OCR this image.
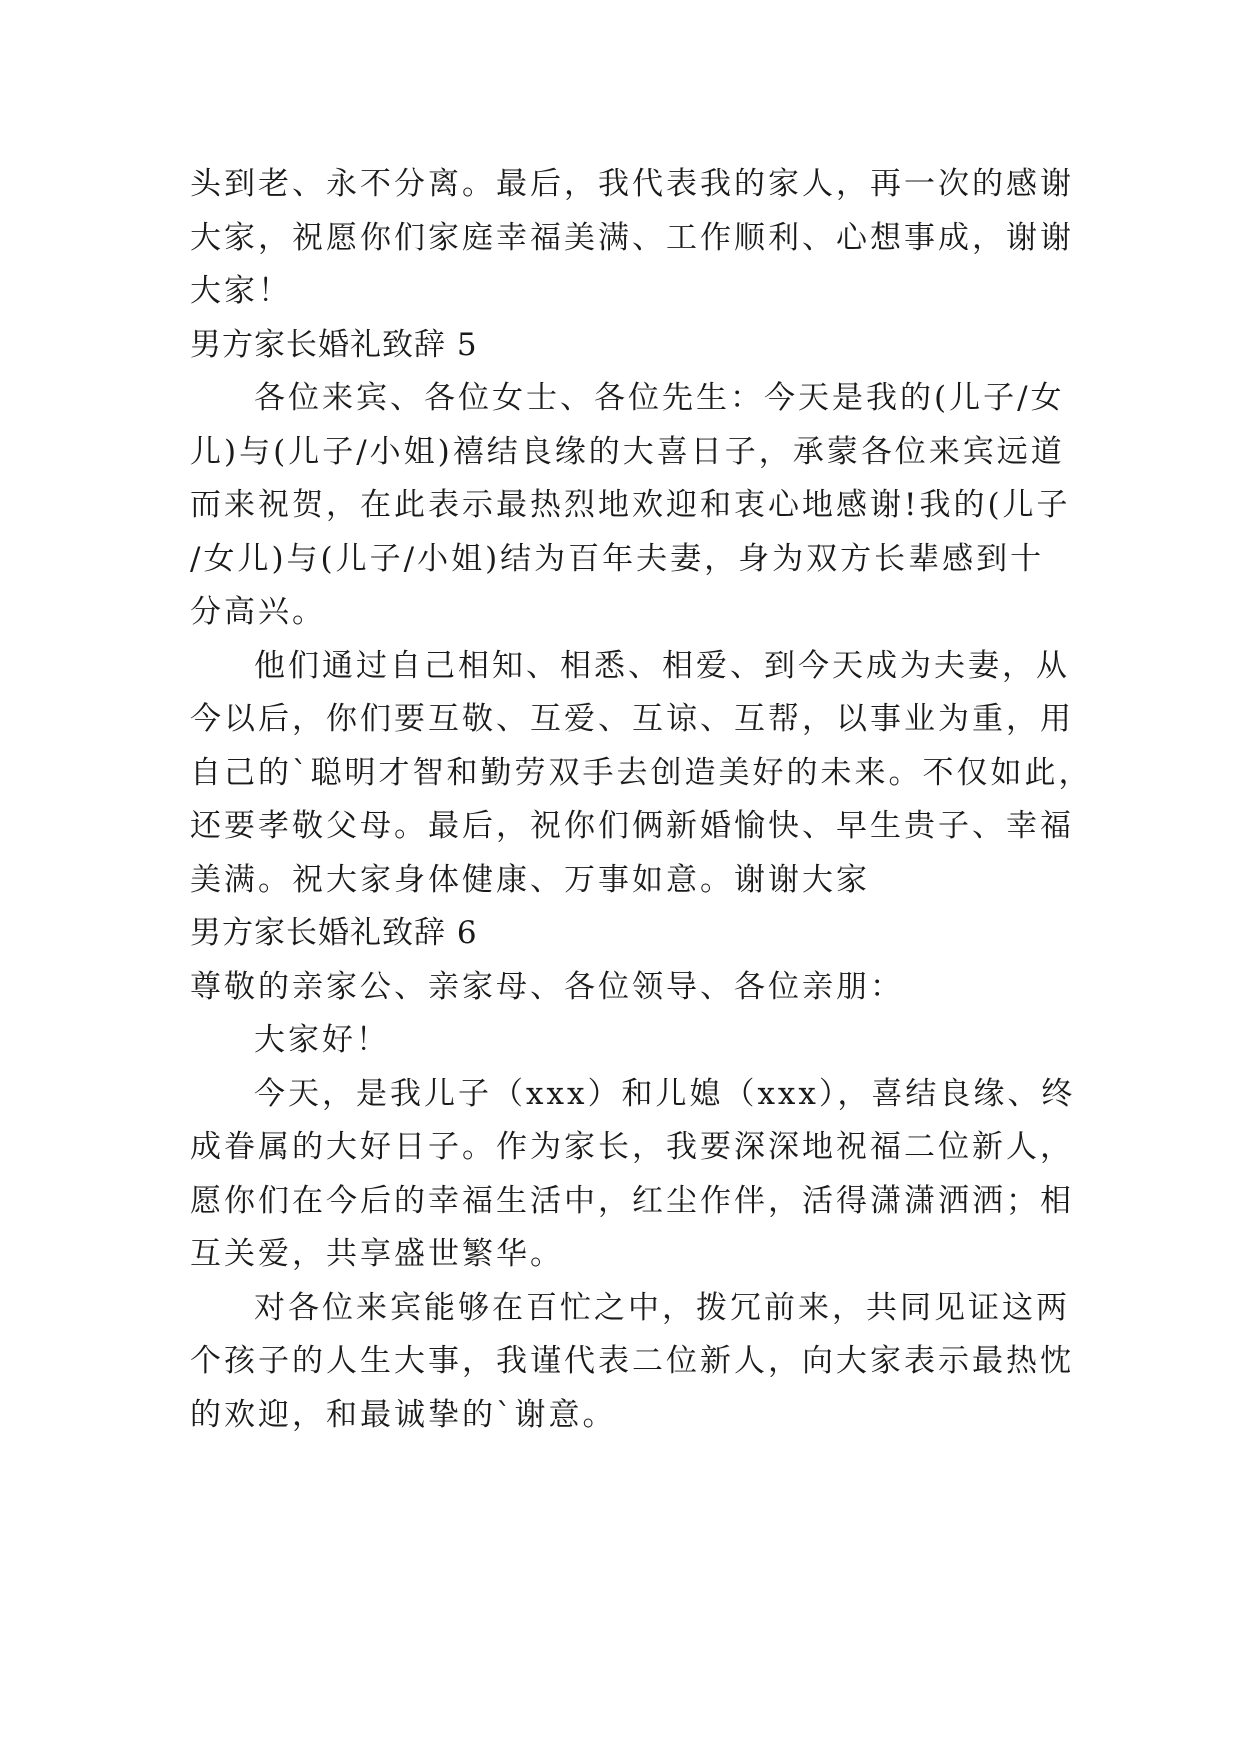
头到老、永不分离。最后，我代表我的家人，再一次的感谢
大家，祝愿你们家庭幸福美满、工作顺利、心想事成，谢谢
大家！
男方家长婚礼致辞 5
各位来宾、各位女士、各位先生：今天是我的(儿子/女
儿)与(儿子/小姐)禧结良缘的大喜日子，承蒙各位来宾远道
而来祝贺，在此表示最热烈地欢迎和衷心地感谢!我的(儿子
/女儿)与(儿子/小姐)结为百年夫妻，身为双方长辈感到十
分高兴。
他们通过自己相知、相悉、相爱、到今天成为夫妻，从
今以后，你们要互敬、互爱、互谅、互帮，以事业为重，用
自己的`聪明才智和勤劳双手去创造美好的未来。不仅如此，
还要孝敬父母。最后，祝你们俩新婚愉快、早生贵子、幸福
美满。祝大家身体健康、万事如意。谢谢大家
男方家长婚礼致辞 6
尊敬的亲家公、亲家母、各位领导、各位亲朋：
大家好！
今天，是我儿子（xxx）和儿媳（xxx），喜结良缘、终
成眷属的大好日子。作为家长，我要深深地祝福二位新人，
愿你们在今后的幸福生活中，红尘作伴，活得潇潇洒洒；相
互关爱，共享盛世繁华。
对各位来宾能够在百忙之中，拨冗前来，共同见证这两
个孩子的人生大事，我谨代表二位新人，向大家表示最热忱
的欢迎，和最诚挚的`谢意。
